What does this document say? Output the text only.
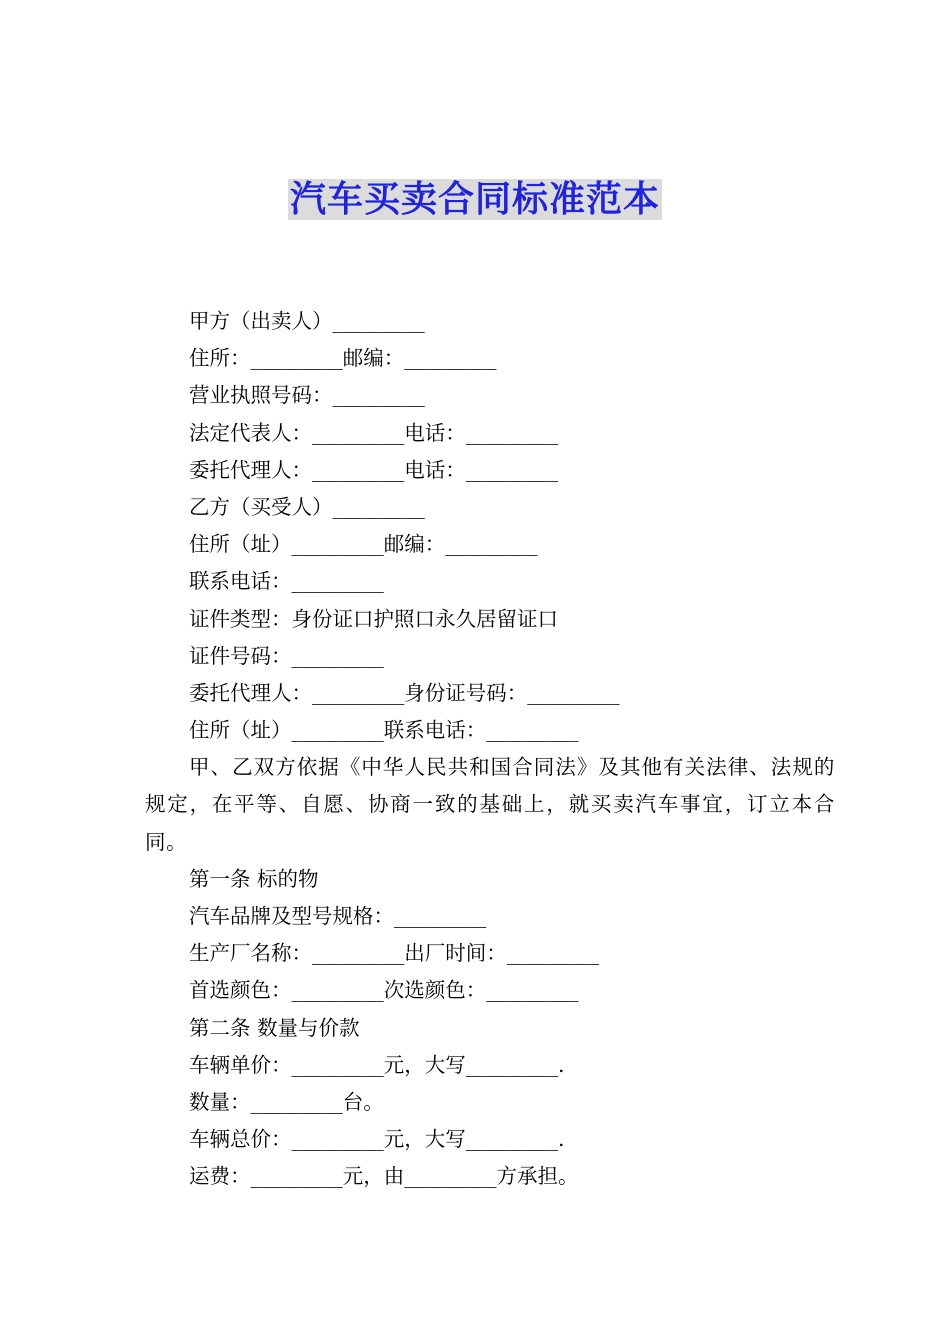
汽车买卖合同标准范本
甲方（出卖人）_________
住所：_________邮编：_________
营业执照号码：_________
法定代表人：_________电话：_________
委托代理人：_________电话：_________
乙方（买受人）_________
住所（址）_________邮编：_________
联系电话：_________
证件类型：身份证口护照口永久居留证口
证件号码：_________
委托代理人：_________身份证号码：_________
住所（址）_________联系电话：_________

甲、乙双方依据《中华人民共和国合同法》及其他有关法律、法规的规定，在平等、自愿、协商一致的基础上，就买卖汽车事宜，订立本合同。

第一条 标的物
汽车品牌及型号规格：_________
生产厂名称：_________出厂时间：_________
首选颜色：_________次选颜色：_________
第二条 数量与价款
车辆单价：_________元，大写_________.
数量：_________台。
车辆总价：_________元，大写_________.
运费：_________元，由_________方承担。
